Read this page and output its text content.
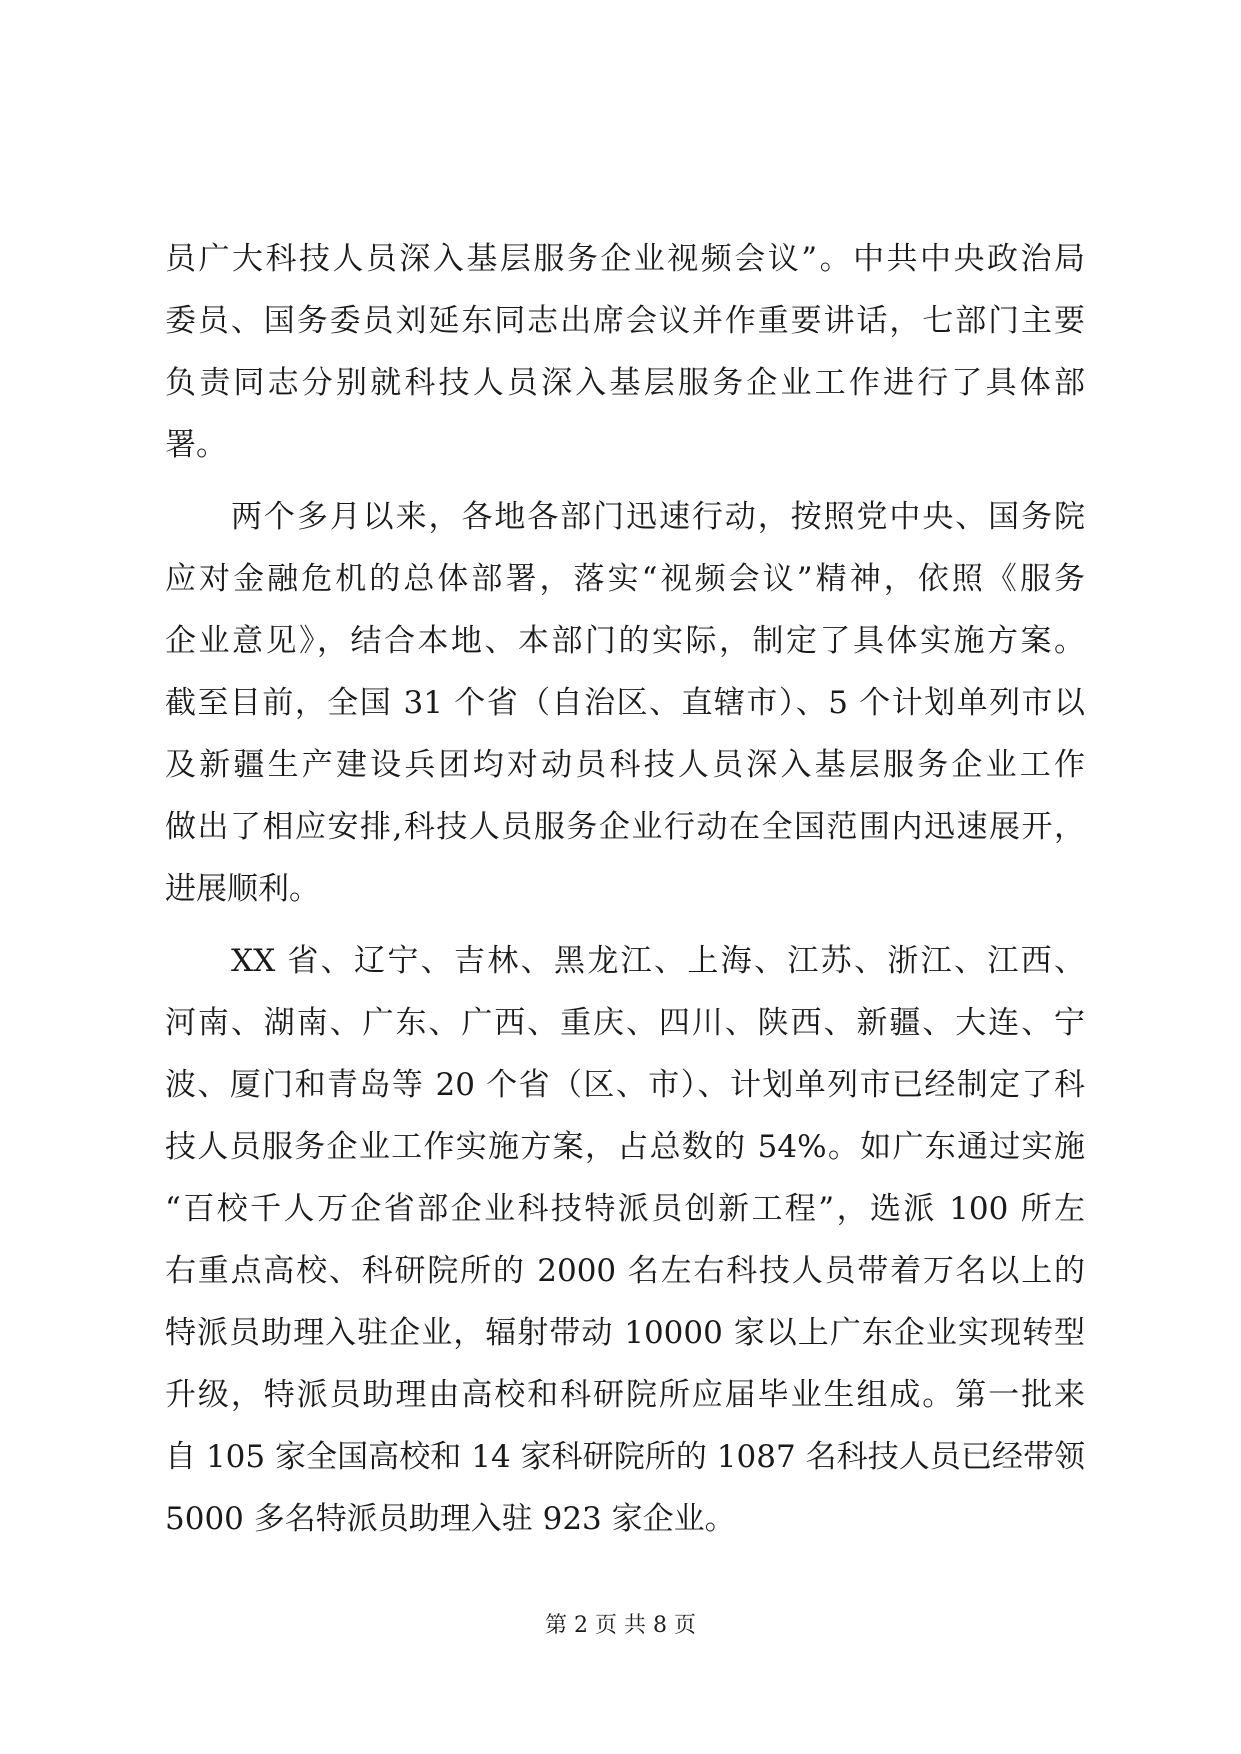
员广大科技人员深入基层服务企业视频会议”。中共中央政治局
委员、国务委员刘延东同志出席会议并作重要讲话，七部门主要
负责同志分别就科技人员深入基层服务企业工作进行了具体部
署。
两个多月以来，各地各部门迅速行动，按照党中央、国务院
应对金融危机的总体部署，落实“视频会议”精神，依照《服务
企业意见》，结合本地、本部门的实际，制定了具体实施方案。
截至目前，全国 31 个省（自治区、直辖市）、5 个计划单列市以
及新疆生产建设兵团均对动员科技人员深入基层服务企业工作
做出了相应安排,科技人员服务企业行动在全国范围内迅速展开，
进展顺利。
XX 省、辽宁、吉林、黑龙江、上海、江苏、浙江、江西、
河南、湖南、广东、广西、重庆、四川、陕西、新疆、大连、宁
波、厦门和青岛等 20 个省（区、市）、计划单列市已经制定了科
技人员服务企业工作实施方案，占总数的 54%。如广东通过实施
“百校千人万企省部企业科技特派员创新工程”，选派 100 所左
右重点高校、科研院所的 2000 名左右科技人员带着万名以上的
特派员助理入驻企业，辐射带动 10000 家以上广东企业实现转型
升级，特派员助理由高校和科研院所应届毕业生组成。第一批来
自 105 家全国高校和 14 家科研院所的 1087 名科技人员已经带领
5000 多名特派员助理入驻 923 家企业。
第 2 页 共 8 页
